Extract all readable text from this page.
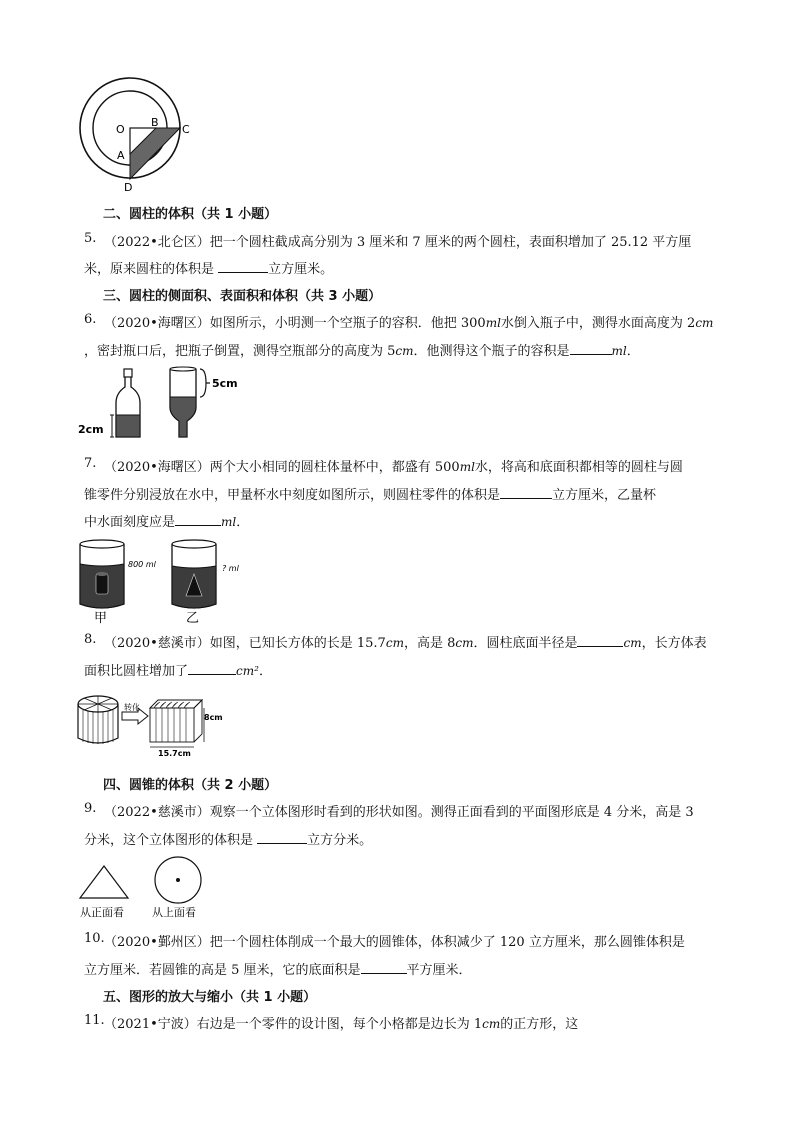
O
B
C
A
D
二、圆柱的体积（共 1 小题）
5. （2022•北仑区）把一个圆柱截成高分别为 3 厘米和 7 厘米的两个圆柱，表面积增加了 25.12 平方厘
米，原来圆柱的体积是	立方厘米。
三、圆柱的侧面积、表面积和体积（共 3 小题）
6. （2020•海曙区）如图所示，小明测一个空瓶子的容积．他把 300ml水倒入瓶子中，测得水面高度为 2cm
，密封瓶口后，把瓶子倒置，测得空瓶部分的高度为 5cm．他测得这个瓶子的容积是	ml．
2cm
5cm
7. （2020•海曙区）两个大小相同的圆柱体量杯中，都盛有 500ml水，将高和底面积都相等的圆柱与圆
锥零件分别浸放在水中，甲量杯水中刻度如图所示，则圆柱零件的体积是	立方厘米，乙量杯
中水面刻度应是	ml．
800 ml
甲
? ml
乙
8. （2020•慈溪市）如图，已知长方体的长是 15.7cm，高是 8cm．圆柱底面半径是	cm，长方体表
面积比圆柱增加了	cm²．
转化
8cm
15.7cm
四、圆锥的体积（共 2 小题）
9. （2022•慈溪市）观察一个立体图形时看到的形状如图。测得正面看到的平面图形底是 4 分米，高是 3
分米，这个立体图形的体积是	立方分米。
从正面看	从上面看
10. （2020•鄞州区）把一个圆柱体削成一个最大的圆锥体，体积减少了 120 立方厘米，那么圆锥体积是
立方厘米．若圆锥的高是 5 厘米，它的底面积是	平方厘米．
五、图形的放大与缩小（共 1 小题）
11. （2021•宁波）右边是一个零件的设计图，每个小格都是边长为 1cm的正方形，这
